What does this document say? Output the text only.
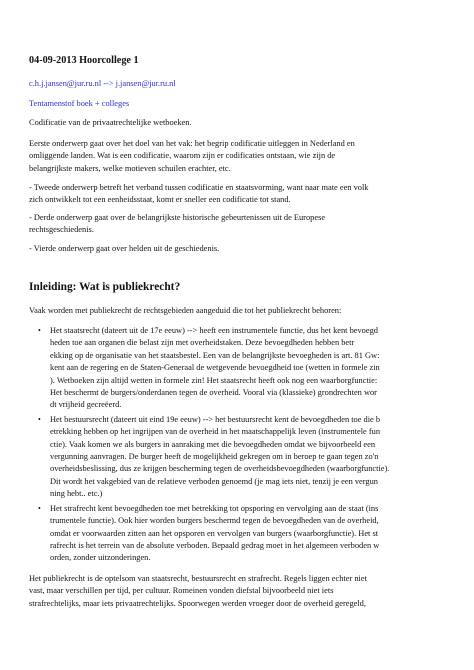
04-09-2013 Hoorcollege 1

c.h.j.jansen@jur.ru.nl --> j.jansen@jur.ru.nl

Tentamenstof boek + colleges

Codificatie van de privaatrechtelijke wetboeken.

Eerste onderwerp gaat over het doel van het vak: het begrip codificatie uitleggen in Nederland en
omliggende landen. Wat is een codificatie, waarom zijn er codificaties ontstaan, wie zijn de
belangrijkste makers, welke motieven schuilen erachter, etc.
- Tweede onderwerp betreft het verband tussen codificatie en staatsvorming, want naar mate een volk
zich ontwikkelt tot een eenheidsstaat, komt er sneller een codificatie tot stand.
- Derde onderwerp gaat over de belangrijkste historische gebeurtenissen uit de Europese
rechtsgeschiedenis.
- Vierde onderwerp gaat over helden uit de geschiedenis.

Inleiding: Wat is publiekrecht?

Vaak worden met publiekrecht de rechtsgebieden aangeduid die tot het publiekrecht behoren:

• Het staatsrecht (dateert uit de 17e eeuw) --> heeft een instrumentele functie, dus het kent bevoegd
heden toe aan organen die belast zijn met overheidstaken. Deze bevoegdheden hebben betr
ekking op de organisatie van het staatsbestel. Een van de belangrijkste bevoegheden is art. 81 Gw:
kent aan de regering en de Staten-Generaal de wetgevende bevoegdheid toe (wetten in formele zin
). Wetboeken zijn altijd wetten in formele zin! Het staatsrecht heeft ook nog een waarborgfunctie:
Het beschermt de burgers/onderdanen tegen de overheid. Vooral via (klassieke) grondrechten wor
dt vrijheid gecreëerd.
• Het bestuursrecht (dateert uit eind 19e eeuw) --> het bestuursrecht kent de bevoegdheden toe die b
etrekking hebben op het ingrijpen van de overheid in het maatschappelijk leven (instrumentele fun
ctie). Vaak komen we als burgers in aanraking met die bevoegdheden omdat we bijvoorbeeld een
vergunning aanvragen. De burger heeft de mogelijkheid gekregen om in beroep te gaan tegen zo'n
overheidsbeslissing, dus ze krijgen bescherming tegen de overheidsbevoegdheden (waarborgfunctie).
Dit wordt het vakgebied van de relatieve verboden genoemd (je mag iets niet, tenzij je een vergun
ning hebt.. etc.)
• Het strafrecht kent bevoegdheden toe met betrekking tot opsporing en vervolging aan de staat (ins
trumentele functie). Ook hier worden burgers beschermd tegen de bevoegdheden van de overheid,
omdat er voorwaarden zitten aan het opsporen en vervolgen van burgers (waarborgfunctie). Het st
rafrecht is het terrein van de absolute verboden. Bepaald gedrag moet in het algemeen verboden w
orden, zonder uitzonderingen.
Het publiekrecht is de optelsom van staatsrecht, bestuursrecht en strafrecht. Regels liggen echter niet
vast, maar verschillen per tijd, per cultuur. Romeinen vonden diefstal bijvoorbeeld niet iets
strafrechtelijks, maar iets privaatrechtelijks. Spoorwegen werden vroeger door de overheid geregeld,
